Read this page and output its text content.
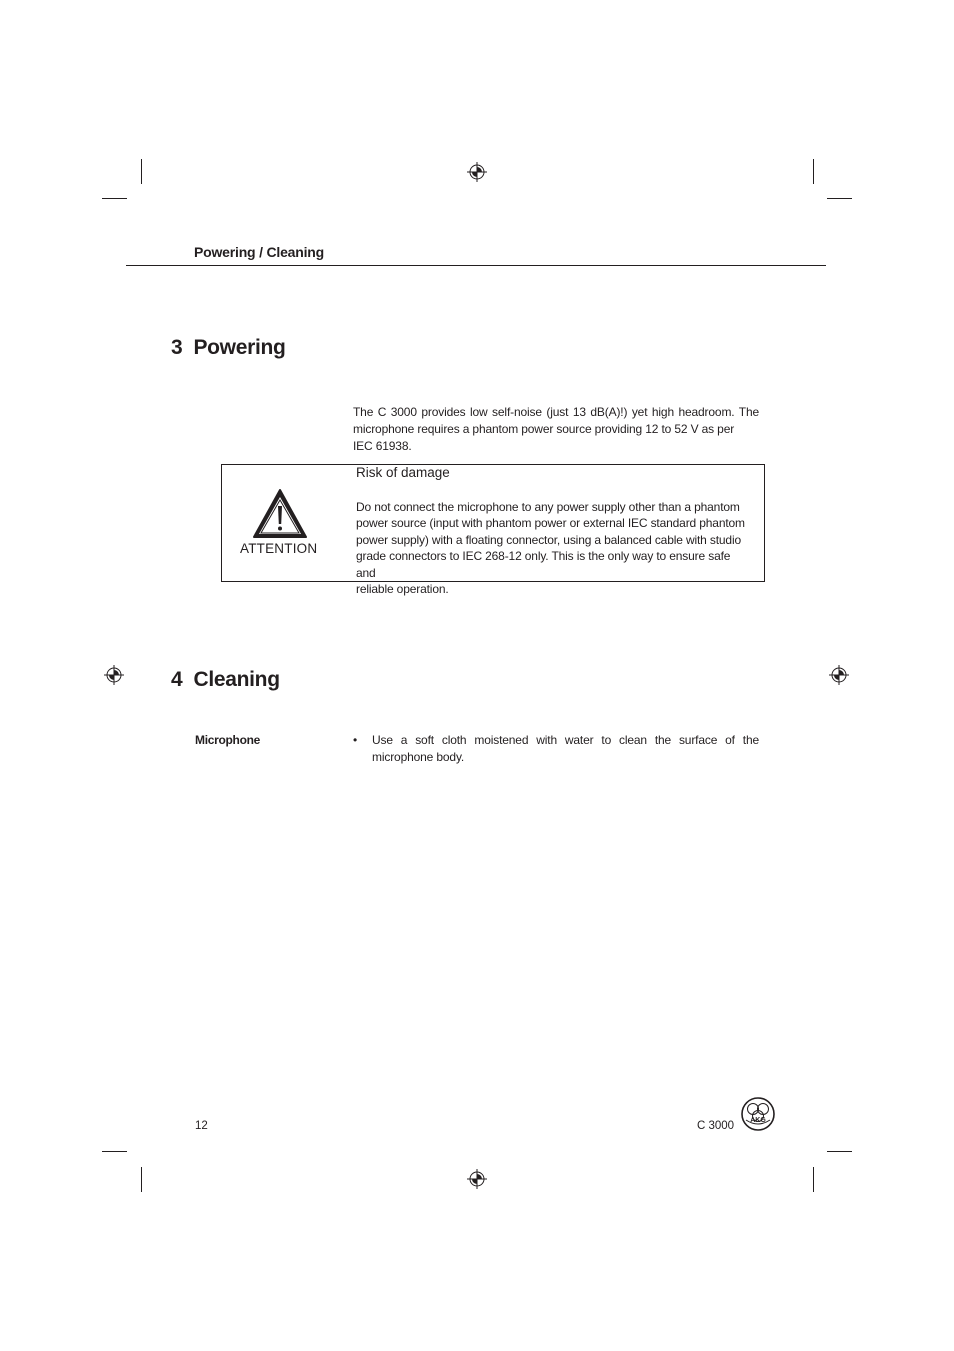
Powering / Cleaning
3  Powering
The C 3000 provides low self-noise (just 13 dB(A)!) yet high headroom. The
microphone requires a phantom power source providing 12 to 52 V as per
IEC 61938.
ATTENTION
Risk of damage
Do not connect the microphone to any power supply other than a phantom
power source (input with phantom power or external IEC standard phantom
power supply) with a floating connector, using a balanced cable with studio
grade connectors to IEC 268-12 only. This is the only way to ensure safe and
reliable operation.
4  Cleaning
Microphone	• Use a soft cloth moistened with water to clean the surface of the
microphone body.
12	C 3000	AKG
